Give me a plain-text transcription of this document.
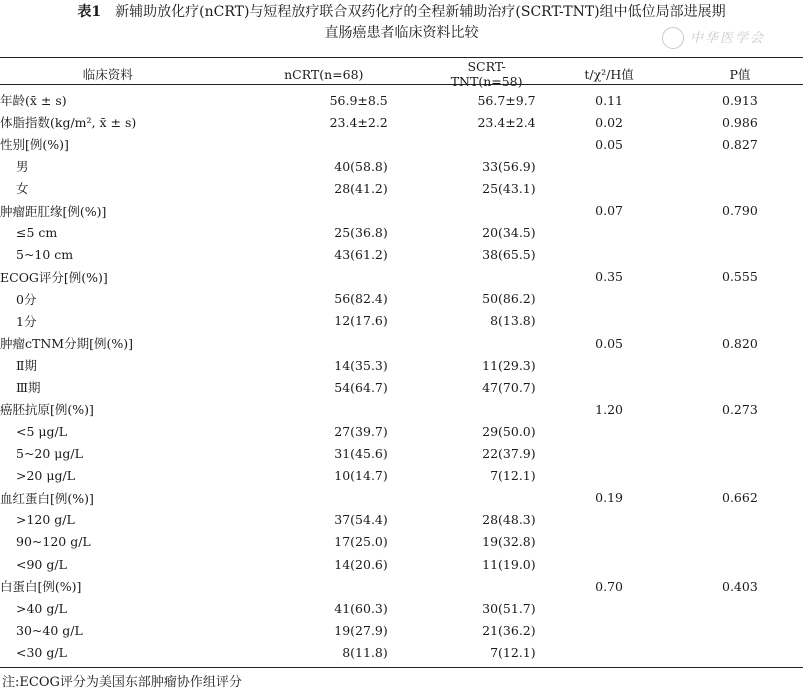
表1 新辅助放化疗(nCRT)与短程放疗联合双药化疗的全程新辅助治疗(SCRT-TNT)组中低位局部进展期
直肠癌患者临床资料比较	中华医学会
临床资料	nCRT(n=68)	SCRT-TNT(n=58)	t/χ²/H值	P值
年龄(x̄ ± s)	56.9±8.5	56.7±9.7	0.11	0.913
体脂指数(kg/m², x̄ ± s)	23.4±2.2	23.4±2.4	0.02	0.986
性别[例(%)]			0.05	0.827
男	40(58.8)	33(56.9)		
女	28(41.2)	25(43.1)		
肿瘤距肛缘[例(%)]			0.07	0.790
≤5 cm	25(36.8)	20(34.5)		
5~10 cm	43(61.2)	38(65.5)		
ECOG评分[例(%)]			0.35	0.555
0分	56(82.4)	50(86.2)		
1分	12(17.6)	8(13.8)		
肿瘤cTNM分期[例(%)]			0.05	0.820
Ⅱ期	14(35.3)	11(29.3)		
Ⅲ期	54(64.7)	47(70.7)		
癌胚抗原[例(%)]			1.20	0.273
<5 μg/L	27(39.7)	29(50.0)		
5~20 μg/L	31(45.6)	22(37.9)		
>20 μg/L	10(14.7)	7(12.1)		
血红蛋白[例(%)]			0.19	0.662
>120 g/L	37(54.4)	28(48.3)		
90~120 g/L	17(25.0)	19(32.8)		
<90 g/L	14(20.6)	11(19.0)		
白蛋白[例(%)]			0.70	0.403
>40 g/L	41(60.3)	30(51.7)		
30~40 g/L	19(27.9)	21(36.2)		
<30 g/L	8(11.8)	7(12.1)		
注:ECOG评分为美国东部肿瘤协作组评分
